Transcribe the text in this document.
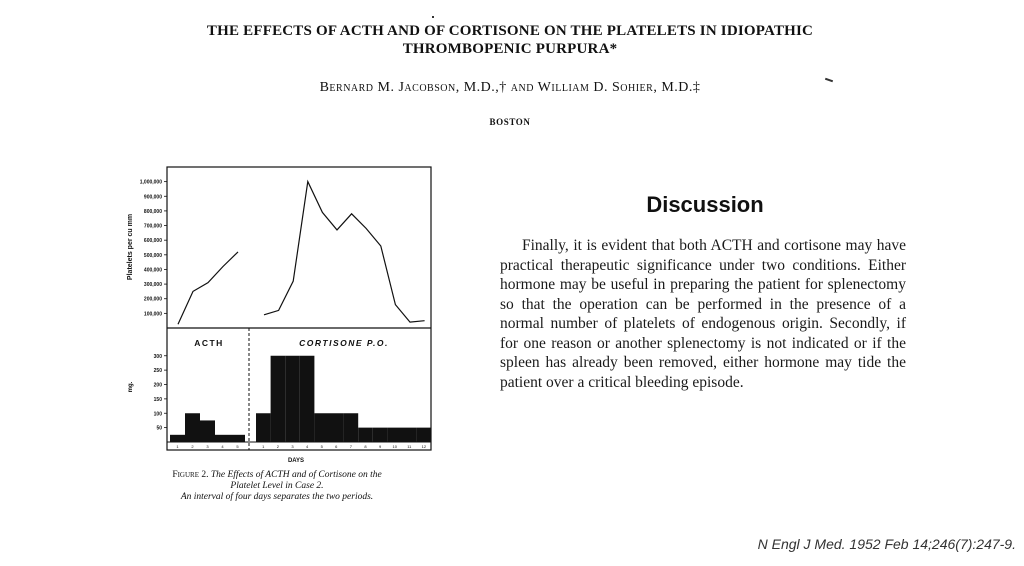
THE EFFECTS OF ACTH AND OF CORTISONE ON THE PLATELETS IN IDIOPATHIC
THROMBOPENIC PURPURA*
Bernard M. Jacobson, M.D.,† and William D. Sohier, M.D.‡
BOSTON
Platelets per cu mm
mg.
ACTH	CORTISONE P.O.
DAYS
100,000
200,000
300,000
400,000
500,000
600,000
700,000
800,000
900,000
1,000,000
50
100
150
200
250
300
1	2	3	4	5	1	2	3	4	5	6	7	8	9	10	11	12
Figure 2. The Effects of ACTH and of Cortisone on the
Platelet Level in Case 2.
An interval of four days separates the two periods.
Discussion
Finally, it is evident that both ACTH and cortisone may have practical therapeutic significance under two conditions. Either hormone may be useful in preparing the patient for splenectomy so that the operation can be performed in the presence of a normal number of platelets of endogenous origin. Secondly, if for one reason or another splenectomy is not indicated or if the spleen has already been removed, either hormone may tide the patient over a critical bleeding episode.
N Engl J Med. 1952 Feb 14;246(7):247-9.
